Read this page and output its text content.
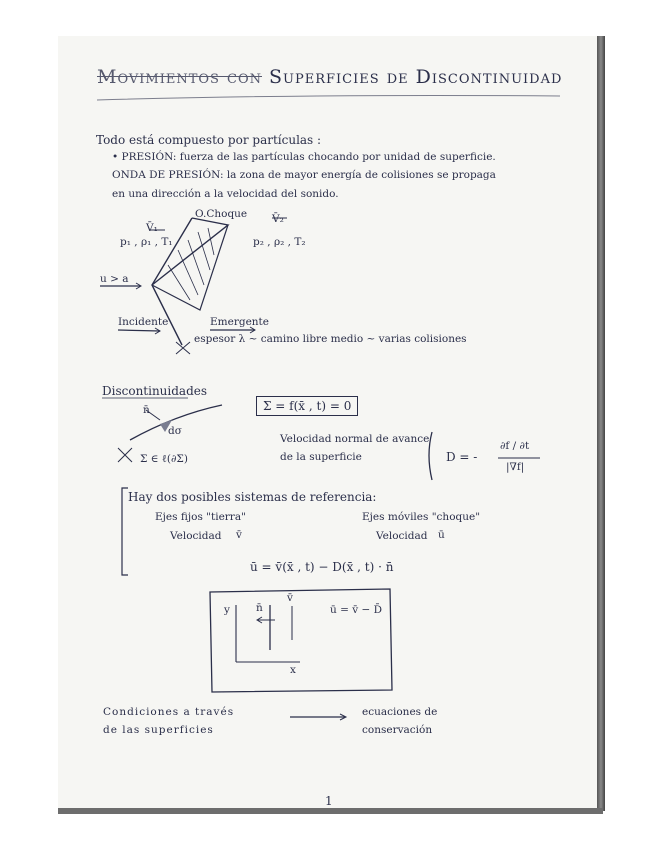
Movimientos con Superficies de Discontinuidad
Todo está compuesto por partículas :
• PRESIÓN: fuerza de las partículas chocando por unidad de superficie.
ONDA DE PRESIÓN: la zona de mayor energía de colisiones se propaga
en una dirección a la velocidad del sonido.
O.Choque
V̄₁
V̄₂
p₁ , ρ₁ , T₁	p₂ , ρ₂ , T₂
u > a
Incidente	Emergente
espesor λ ~ camino libre medio ~ varias colisiones
Discontinuidades
n̄
dσ
Σ ∈ ℓ(∂Σ)
Σ = f(x̄ , t) = 0
Velocidad normal de avance
de la superficie	D = -
∂f / ∂t
|∇f|
Hay dos posibles sistemas de referencia:
Ejes fijos "tierra"
Velocidad v̄
Ejes móviles "choque"
Velocidad ū
ū = v̄(x̄ , t) − D(x̄ , t) · n̄
y
x
n̄
v̄
ū = v̄ − D̄
Condiciones a través
de las superficies
ecuaciones de
conservación
1
